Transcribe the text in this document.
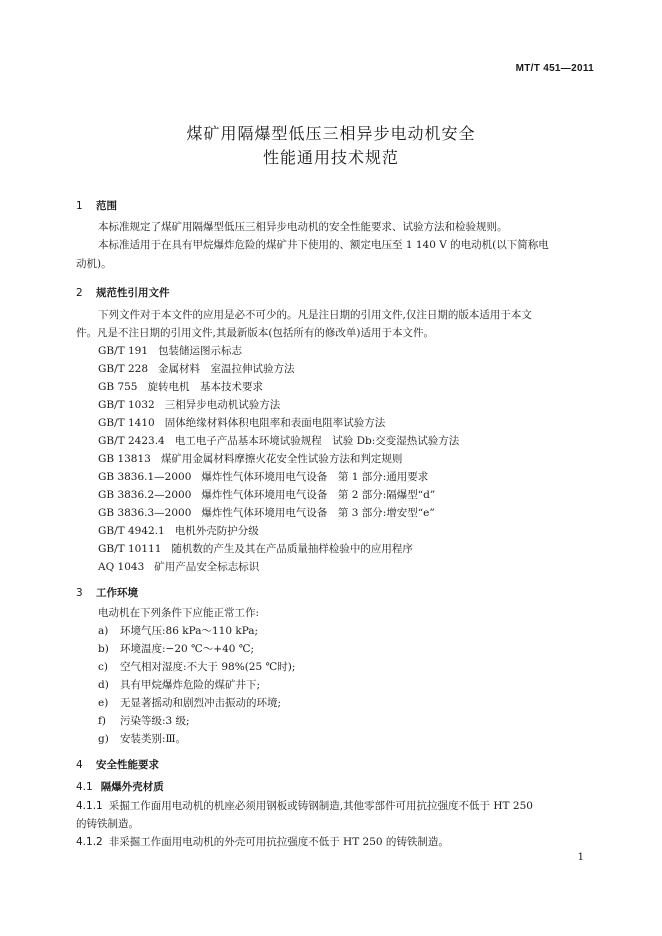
MT/T 451—2011
煤矿用隔爆型低压三相异步电动机安全
性能通用技术规范
1 范围
本标准规定了煤矿用隔爆型低压三相异步电动机的安全性能要求、试验方法和检验规则。
本标准适用于在具有甲烷爆炸危险的煤矿井下使用的、额定电压至 1 140 V 的电动机(以下简称电
动机)。
2 规范性引用文件
下列文件对于本文件的应用是必不可少的。凡是注日期的引用文件,仅注日期的版本适用于本文
件。凡是不注日期的引用文件,其最新版本(包括所有的修改单)适用于本文件。
GB/T 191 包装储运图示标志
GB/T 228 金属材料　室温拉伸试验方法
GB 755 旋转电机　基本技术要求
GB/T 1032 三相异步电动机试验方法
GB/T 1410 固体绝缘材料体积电阻率和表面电阻率试验方法
GB/T 2423.4 电工电子产品基本环境试验规程　试验 Db:交变湿热试验方法
GB 13813 煤矿用金属材料摩擦火花安全性试验方法和判定规则
GB 3836.1—2000 爆炸性气体环境用电气设备　第 1 部分:通用要求
GB 3836.2—2000 爆炸性气体环境用电气设备　第 2 部分:隔爆型“d”
GB 3836.3—2000 爆炸性气体环境用电气设备　第 3 部分:增安型“e”
GB/T 4942.1 电机外壳防护分级
GB/T 10111 随机数的产生及其在产品质量抽样检验中的应用程序
AQ 1043 矿用产品安全标志标识
3 工作环境
电动机在下列条件下应能正常工作:
a) 环境气压:86 kPa～110 kPa;
b) 环境温度:−20 ℃～+40 ℃;
c) 空气相对湿度:不大于 98%(25 ℃时);
d) 具有甲烷爆炸危险的煤矿井下;
e) 无显著摇动和剧烈冲击振动的环境;
f) 污染等级:3 级;
g) 安装类别:Ⅲ。
4 安全性能要求
4.1 隔爆外壳材质
4.1.1 采掘工作面用电动机的机座必须用钢板或铸钢制造,其他零部件可用抗拉强度不低于 HT 250
的铸铁制造。
4.1.2 非采掘工作面用电动机的外壳可用抗拉强度不低于 HT 250 的铸铁制造。
1
